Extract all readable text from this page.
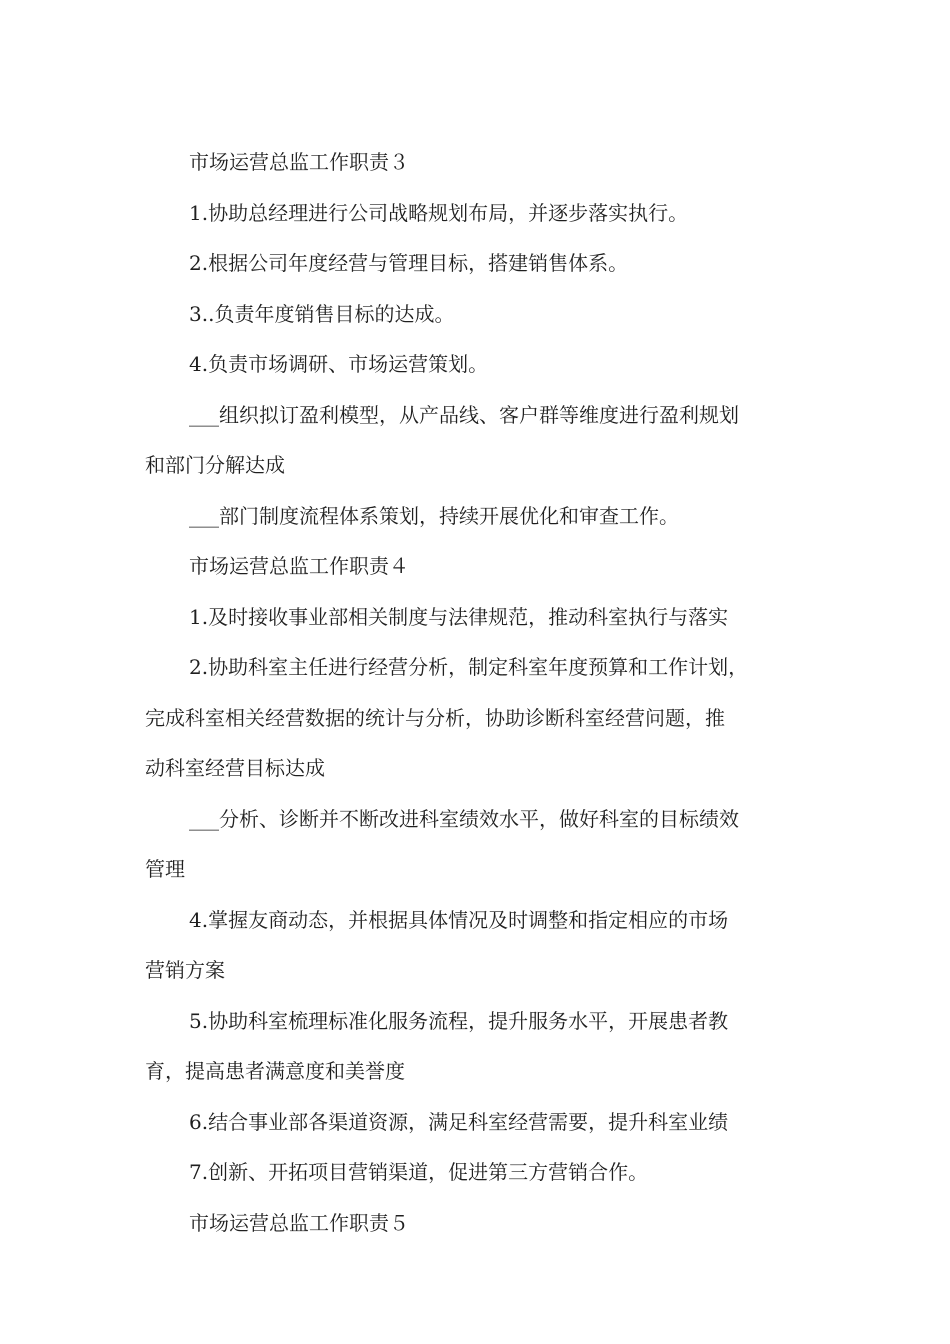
市场运营总监工作职责３
1.协助总经理进行公司战略规划布局，并逐步落实执行。
2.根据公司年度经营与管理目标，搭建销售体系。
3..负责年度销售目标的达成。
4.负责市场调研、市场运营策划。
___组织拟订盈利模型，从产品线、客户群等维度进行盈利规划
和部门分解达成
___部门制度流程体系策划，持续开展优化和审查工作。
市场运营总监工作职责４
1.及时接收事业部相关制度与法律规范，推动科室执行与落实
2.协助科室主任进行经营分析，制定科室年度预算和工作计划，
完成科室相关经营数据的统计与分析，协助诊断科室经营问题，推
动科室经营目标达成
___分析、诊断并不断改进科室绩效水平，做好科室的目标绩效
管理
4.掌握友商动态，并根据具体情况及时调整和指定相应的市场
营销方案
5.协助科室梳理标准化服务流程，提升服务水平，开展患者教
育，提高患者满意度和美誉度
6.结合事业部各渠道资源，满足科室经营需要，提升科室业绩
7.创新、开拓项目营销渠道，促进第三方营销合作。
市场运营总监工作职责５
